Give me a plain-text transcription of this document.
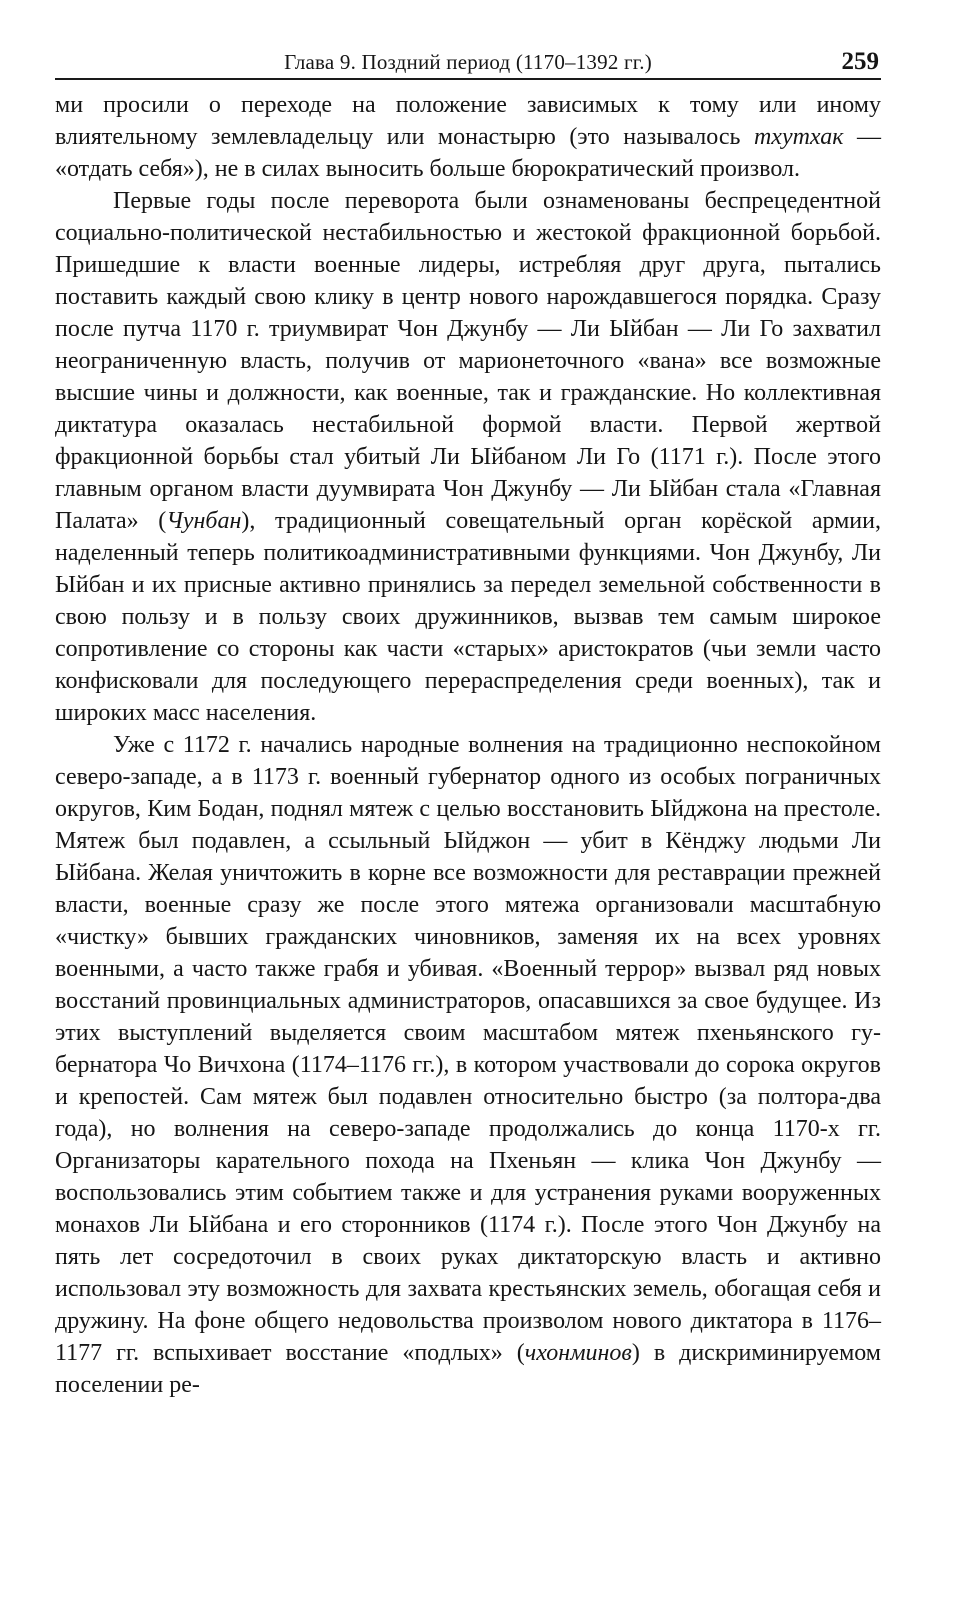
Глава 9. Поздний период (1170–1392 гг.)	259

ми просили о переходе на положение зависимых к тому или иному влиятельному землевладельцу или монастырю (это называлось тхутхак — «отдать себя»), не в силах выносить больше бюрократический произвол.

Первые годы после переворота были ознаменованы беспрецедентной социально-политической нестабильностью и жестокой фракционной борьбой. Пришедшие к власти военные лидеры, истребляя друг друга, пытались поставить каждый свою клику в центр нового нарождавшегося порядка. Сразу после путча 1170 г. триумвират Чон Джунбу — Ли Ыйбан — Ли Го захватил неограниченную власть, получив от марионеточного «вана» все возможные высшие чины и должности, как военные, так и гражданские. Но коллективная диктатура оказалась нестабильной формой власти. Первой жертвой фракционной борьбы стал убитый Ли Ыйбаном Ли Го (1171 г.). После этого главным органом власти дуумвирата Чон Джунбу — Ли Ыйбан стала «Главная Палата» (Чунбан), традиционный совещательный орган корёской армии, наделенный теперь политикоадминистративными функциями. Чон Джунбу, Ли Ыйбан и их присные активно принялись за передел земельной собственности в свою пользу и в пользу своих дружинников, вызвав тем самым широкое сопротивление со стороны как части «старых» аристократов (чьи земли часто конфисковали для последующего перераспределения среди военных), так и широких масс населения.

Уже с 1172 г. начались народные волнения на традиционно неспокойном северо-западе, а в 1173 г. военный губернатор одного из особых пограничных округов, Ким Бодан, поднял мятеж с целью восстановить Ыйджона на престоле. Мятеж был подавлен, а ссыльный Ыйджон — убит в Кёнджу людьми Ли Ыйбана. Желая уничтожить в корне все возможности для реставрации прежней власти, военные сразу же после этого мятежа организовали масштабную «чистку» бывших гражданских чиновников, заменяя их на всех уровнях военными, а часто также грабя и убивая. «Военный террор» вызвал ряд новых восстаний провинциальных администраторов, опасавшихся за свое будущее. Из этих выступлений выделяется своим масштабом мятеж пхеньянского губернатора Чо Вичхона (1174–1176 гг.), в котором участвовали до сорока округов и крепостей. Сам мятеж был подавлен относительно быстро (за полтора-два года), но волнения на северо-западе продолжались до конца 1170-х гг. Организаторы карательного похода на Пхеньян — клика Чон Джунбу — воспользовались этим событием также и для устранения руками вооруженных монахов Ли Ыйбана и его сторонников (1174 г.). После этого Чон Джунбу на пять лет сосредоточил в своих руках диктаторскую власть и активно использовал эту возможность для захвата крестьянских земель, обогащая себя и дружину. На фоне общего недовольства произволом нового диктатора в 1176–1177 гг. вспыхивает восстание «подлых» (чхонминов) в дискриминируемом поселении ре-
